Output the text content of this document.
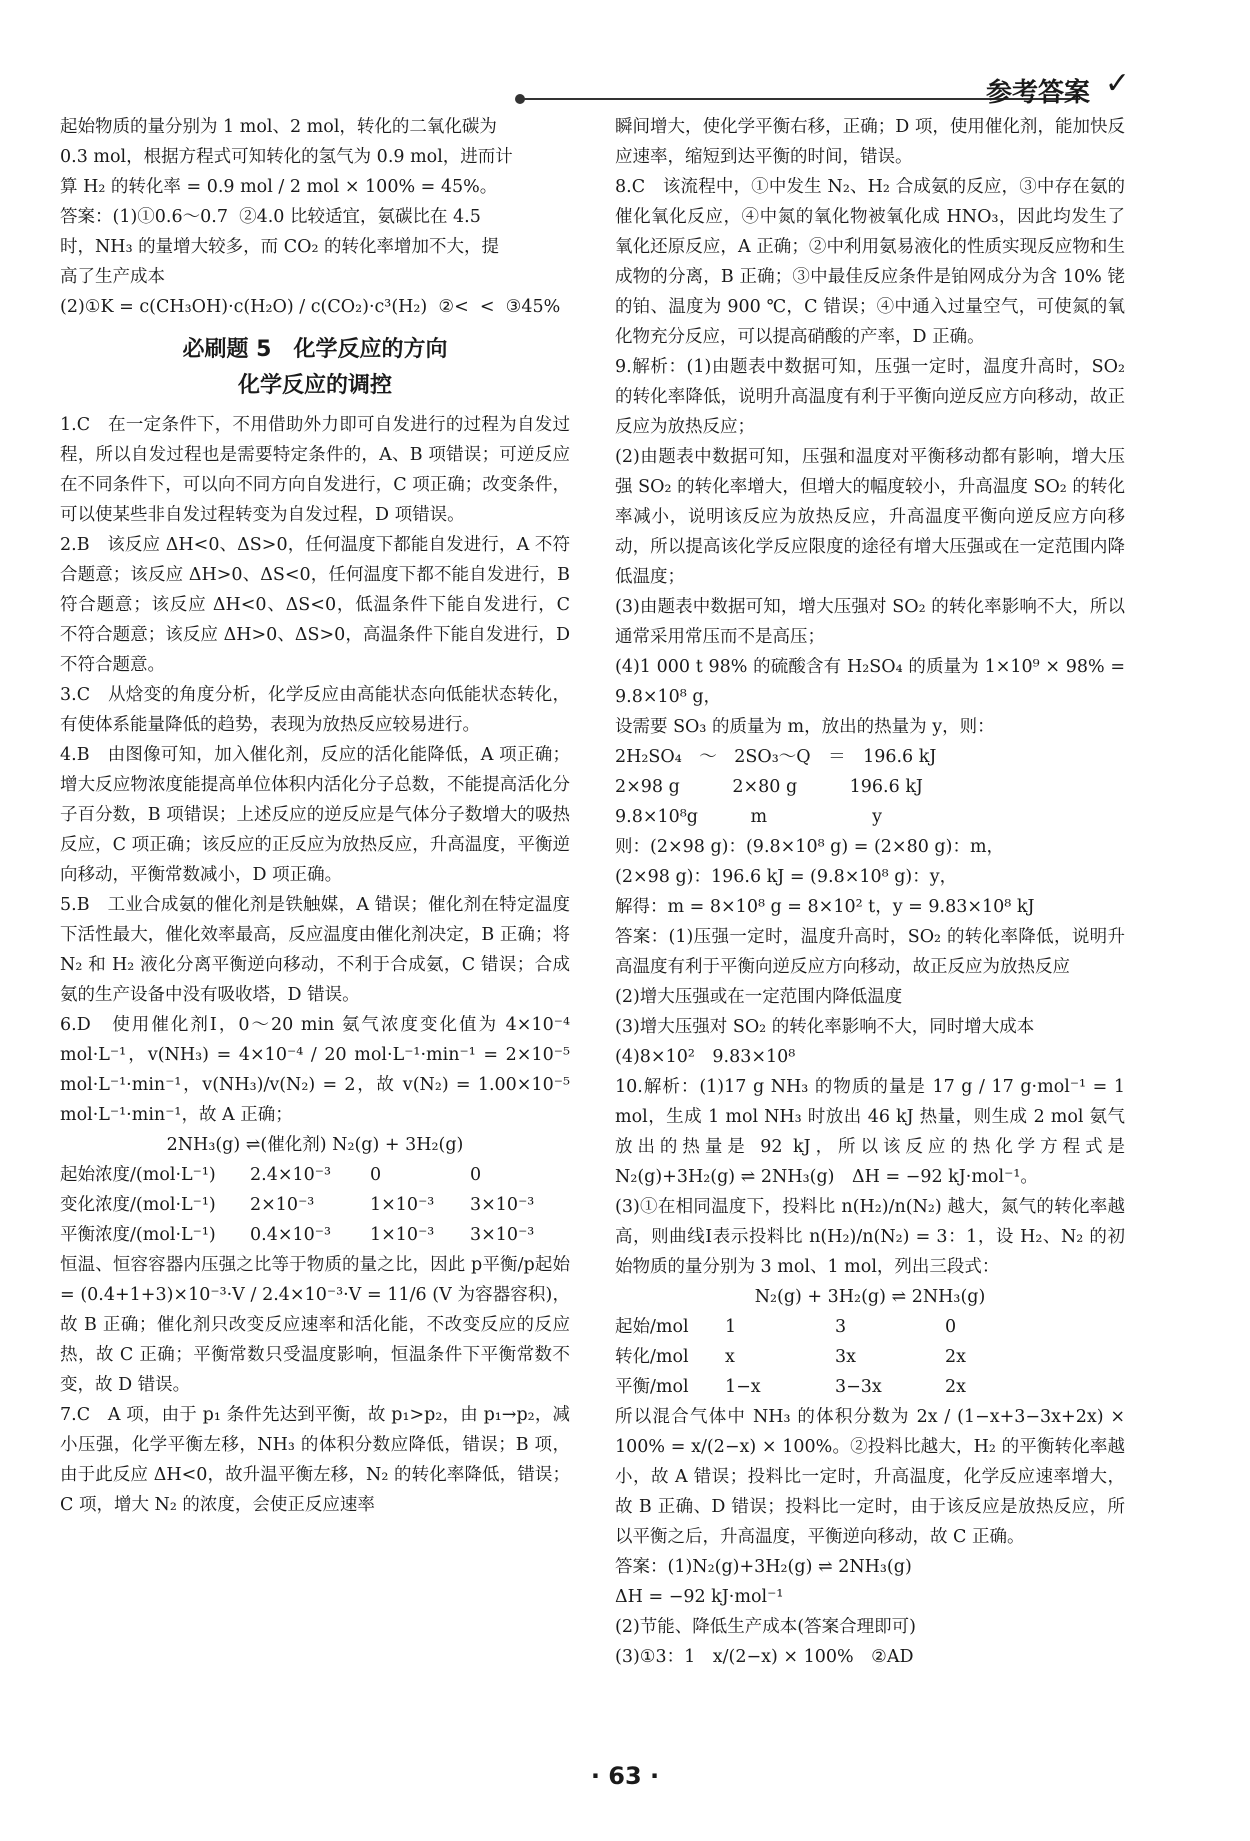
参考答案 ✓

起始物质的量分别为 1 mol、2 mol，转化的二氧化碳为

0.3 mol，根据方程式可知转化的氢气为 0.9 mol，进而计

算 H₂ 的转化率 = 0.9 mol / 2 mol × 100% = 45%。

答案：(1)①0.6～0.7  ②4.0 比较适宜，氨碳比在 4.5

时，NH₃ 的量增大较多，而 CO₂ 的转化率增加不大，提

高了生产成本

(2)①K = c(CH₃OH)·c(H₂O) / c(CO₂)·c³(H₂)  ②<  <  ③45%

必刷题 5　化学反应的方向
化学反应的调控

1.C　在一定条件下，不用借助外力即可自发进行的过程为自发过程，所以自发过程也是需要特定条件的，A、B 项错误；可逆反应在不同条件下，可以向不同方向自发进行，C 项正确；改变条件，可以使某些非自发过程转变为自发过程，D 项错误。

2.B　该反应 ΔH<0、ΔS>0，任何温度下都能自发进行，A 不符合题意；该反应 ΔH>0、ΔS<0，任何温度下都不能自发进行，B 符合题意；该反应 ΔH<0、ΔS<0，低温条件下能自发进行，C 不符合题意；该反应 ΔH>0、ΔS>0，高温条件下能自发进行，D 不符合题意。

3.C　从焓变的角度分析，化学反应由高能状态向低能状态转化，有使体系能量降低的趋势，表现为放热反应较易进行。

4.B　由图像可知，加入催化剂，反应的活化能降低，A 项正确；增大反应物浓度能提高单位体积内活化分子总数，不能提高活化分子百分数，B 项错误；上述反应的逆反应是气体分子数增大的吸热反应，C 项正确；该反应的正反应为放热反应，升高温度，平衡逆向移动，平衡常数减小，D 项正确。

5.B　工业合成氨的催化剂是铁触媒，A 错误；催化剂在特定温度下活性最大，催化效率最高，反应温度由催化剂决定，B 正确；将 N₂ 和 H₂ 液化分离平衡逆向移动，不利于合成氨，C 错误；合成氨的生产设备中没有吸收塔，D 错误。

6.D　使用催化剂Ⅰ，0～20 min 氨气浓度变化值为 4×10⁻⁴ mol·L⁻¹，v(NH₃) = 4×10⁻⁴ / 20 mol·L⁻¹·min⁻¹ = 2×10⁻⁵ mol·L⁻¹·min⁻¹，v(NH₃)/v(N₂) = 2，故 v(N₂) = 1.00×10⁻⁵ mol·L⁻¹·min⁻¹，故 A 正确；

2NH₃(g) ⇌(催化剂) N₂(g) + 3H₂(g)

起始浓度/(mol·L⁻¹)	2.4×10⁻³	0	0
变化浓度/(mol·L⁻¹)	2×10⁻³	1×10⁻³	3×10⁻³
平衡浓度/(mol·L⁻¹)	0.4×10⁻³	1×10⁻³	3×10⁻³

恒温、恒容容器内压强之比等于物质的量之比，因此 p平衡/p起始 = (0.4+1+3)×10⁻³·V / 2.4×10⁻³·V = 11/6 (V 为容器容积)，故 B 正确；催化剂只改变反应速率和活化能，不改变反应的反应热，故 C 正确；平衡常数只受温度影响，恒温条件下平衡常数不变，故 D 错误。

7.C　A 项，由于 p₁ 条件先达到平衡，故 p₁>p₂，由 p₁→p₂，减小压强，化学平衡左移，NH₃ 的体积分数应降低，错误；B 项，由于此反应 ΔH<0，故升温平衡左移，N₂ 的转化率降低，错误；C 项，增大 N₂ 的浓度，会使正反应速率

瞬间增大，使化学平衡右移，正确；D 项，使用催化剂，能加快反应速率，缩短到达平衡的时间，错误。

8.C　该流程中，①中发生 N₂、H₂ 合成氨的反应，③中存在氨的催化氧化反应，④中氮的氧化物被氧化成 HNO₃，因此均发生了氧化还原反应，A 正确；②中利用氨易液化的性质实现反应物和生成物的分离，B 正确；③中最佳反应条件是铂网成分为含 10% 铑的铂、温度为 900 ℃，C 错误；④中通入过量空气，可使氮的氧化物充分反应，可以提高硝酸的产率，D 正确。

9.解析：(1)由题表中数据可知，压强一定时，温度升高时，SO₂ 的转化率降低，说明升高温度有利于平衡向逆反应方向移动，故正反应为放热反应；

(2)由题表中数据可知，压强和温度对平衡移动都有影响，增大压强 SO₂ 的转化率增大，但增大的幅度较小，升高温度 SO₂ 的转化率减小，说明该反应为放热反应，升高温度平衡向逆反应方向移动，所以提高该化学反应限度的途径有增大压强或在一定范围内降低温度；

(3)由题表中数据可知，增大压强对 SO₂ 的转化率影响不大，所以通常采用常压而不是高压；

(4)1 000 t 98% 的硫酸含有 H₂SO₄ 的质量为 1×10⁹ × 98% = 9.8×10⁸ g，

设需要 SO₃ 的质量为 m，放出的热量为 y，则：

2H₂SO₄　～　2SO₃～Q　＝　196.6 kJ

2×98 g　　　2×80 g　　　196.6 kJ

9.8×10⁸g　　　m　　　　　　y

则：(2×98 g)：(9.8×10⁸ g) = (2×80 g)：m，

(2×98 g)：196.6 kJ = (9.8×10⁸ g)：y，

解得：m = 8×10⁸ g = 8×10² t，y = 9.83×10⁸ kJ

答案：(1)压强一定时，温度升高时，SO₂ 的转化率降低，说明升高温度有利于平衡向逆反应方向移动，故正反应为放热反应

(2)增大压强或在一定范围内降低温度

(3)增大压强对 SO₂ 的转化率影响不大，同时增大成本

(4)8×10²　9.83×10⁸

10.解析：(1)17 g NH₃ 的物质的量是 17 g / 17 g·mol⁻¹ = 1 mol，生成 1 mol NH₃ 时放出 46 kJ 热量，则生成 2 mol 氨气放出的热量是 92 kJ，所以该反应的热化学方程式是 N₂(g)+3H₂(g) ⇌ 2NH₃(g)　ΔH = −92 kJ·mol⁻¹。

(3)①在相同温度下，投料比 n(H₂)/n(N₂) 越大，氮气的转化率越高，则曲线Ⅰ表示投料比 n(H₂)/n(N₂) = 3：1，设 H₂、N₂ 的初始物质的量分别为 3 mol、1 mol，列出三段式：

N₂(g) + 3H₂(g) ⇌ 2NH₃(g)

起始/mol	1	3	0
转化/mol	x	3x	2x
平衡/mol	1−x	3−3x	2x

所以混合气体中 NH₃ 的体积分数为 2x / (1−x+3−3x+2x) × 100% = x/(2−x) × 100%。②投料比越大，H₂ 的平衡转化率越小，故 A 错误；投料比一定时，升高温度，化学反应速率增大，故 B 正确、D 错误；投料比一定时，由于该反应是放热反应，所以平衡之后，升高温度，平衡逆向移动，故 C 正确。

答案：(1)N₂(g)+3H₂(g) ⇌ 2NH₃(g)

ΔH = −92 kJ·mol⁻¹

(2)节能、降低生产成本(答案合理即可)

(3)①3：1　x/(2−x) × 100%　②AD

· 63 ·
